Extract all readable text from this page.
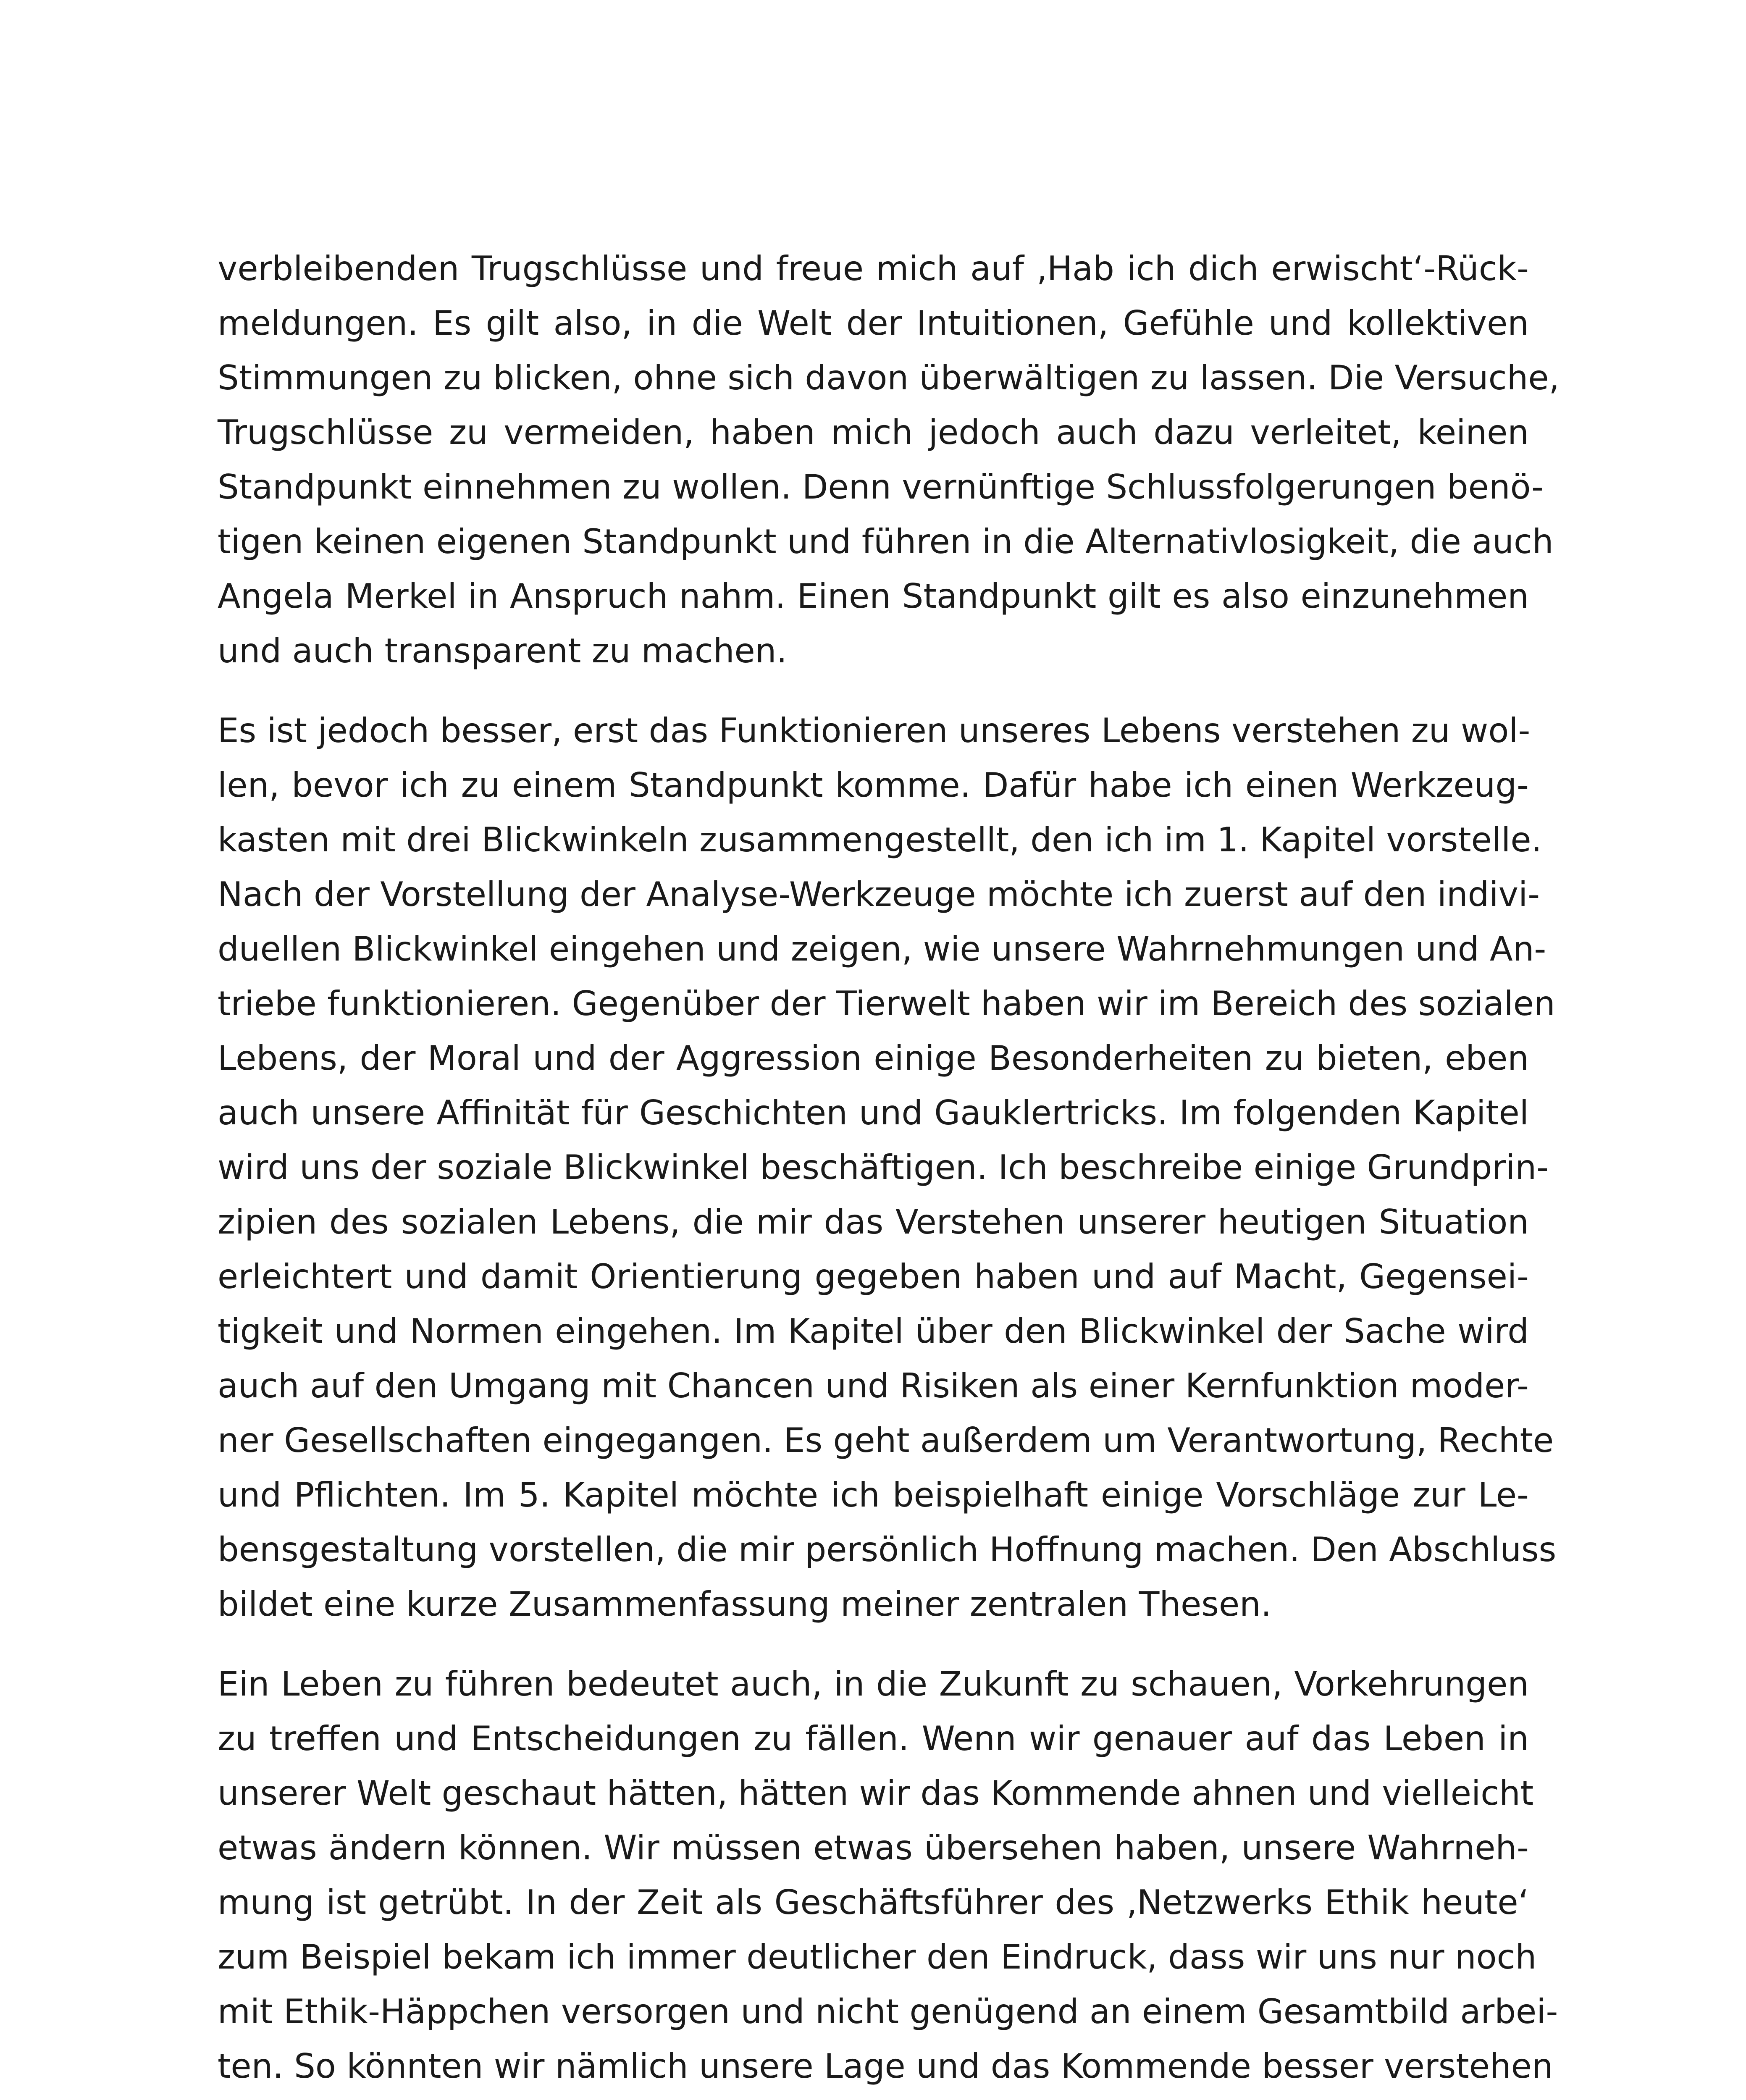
verbleibenden Trugschlüsse und freue mich auf ‚Hab ich dich erwischt‘-Rück-
meldungen. Es gilt also, in die Welt der Intuitionen, Gefühle und kollektiven
Stimmungen zu blicken, ohne sich davon überwältigen zu lassen. Die Versuche,
Trugschlüsse zu vermeiden, haben mich jedoch auch dazu verleitet, keinen
Standpunkt einnehmen zu wollen. Denn vernünftige Schlussfolgerungen benö-
tigen keinen eigenen Standpunkt und führen in die Alternativlosigkeit, die auch
Angela Merkel in Anspruch nahm. Einen Standpunkt gilt es also einzunehmen
und auch transparent zu machen.
Es ist jedoch besser, erst das Funktionieren unseres Lebens verstehen zu wol-
len, bevor ich zu einem Standpunkt komme. Dafür habe ich einen Werkzeug-
kasten mit drei Blickwinkeln zusammengestellt, den ich im 1. Kapitel vorstelle.
Nach der Vorstellung der Analyse-Werkzeuge möchte ich zuerst auf den indivi-
duellen Blickwinkel eingehen und zeigen, wie unsere Wahrnehmungen und An-
triebe funktionieren. Gegenüber der Tierwelt haben wir im Bereich des sozialen
Lebens, der Moral und der Aggression einige Besonderheiten zu bieten, eben
auch unsere Affinität für Geschichten und Gauklertricks. Im folgenden Kapitel
wird uns der soziale Blickwinkel beschäftigen. Ich beschreibe einige Grundprin-
zipien des sozialen Lebens, die mir das Verstehen unserer heutigen Situation
erleichtert und damit Orientierung gegeben haben und auf Macht, Gegensei-
tigkeit und Normen eingehen. Im Kapitel über den Blickwinkel der Sache wird
auch auf den Umgang mit Chancen und Risiken als einer Kernfunktion moder-
ner Gesellschaften eingegangen. Es geht außerdem um Verantwortung, Rechte
und Pflichten. Im 5. Kapitel möchte ich beispielhaft einige Vorschläge zur Le-
bensgestaltung vorstellen, die mir persönlich Hoffnung machen. Den Abschluss
bildet eine kurze Zusammenfassung meiner zentralen Thesen.
Ein Leben zu führen bedeutet auch, in die Zukunft zu schauen, Vorkehrungen
zu treffen und Entscheidungen zu fällen. Wenn wir genauer auf das Leben in
unserer Welt geschaut hätten, hätten wir das Kommende ahnen und vielleicht
etwas ändern können. Wir müssen etwas übersehen haben, unsere Wahrneh-
mung ist getrübt. In der Zeit als Geschäftsführer des ‚Netzwerks Ethik heute‘
zum Beispiel bekam ich immer deutlicher den Eindruck, dass wir uns nur noch
mit Ethik-Häppchen versorgen und nicht genügend an einem Gesamtbild arbei-
ten. So könnten wir nämlich unsere Lage und das Kommende besser verstehen
